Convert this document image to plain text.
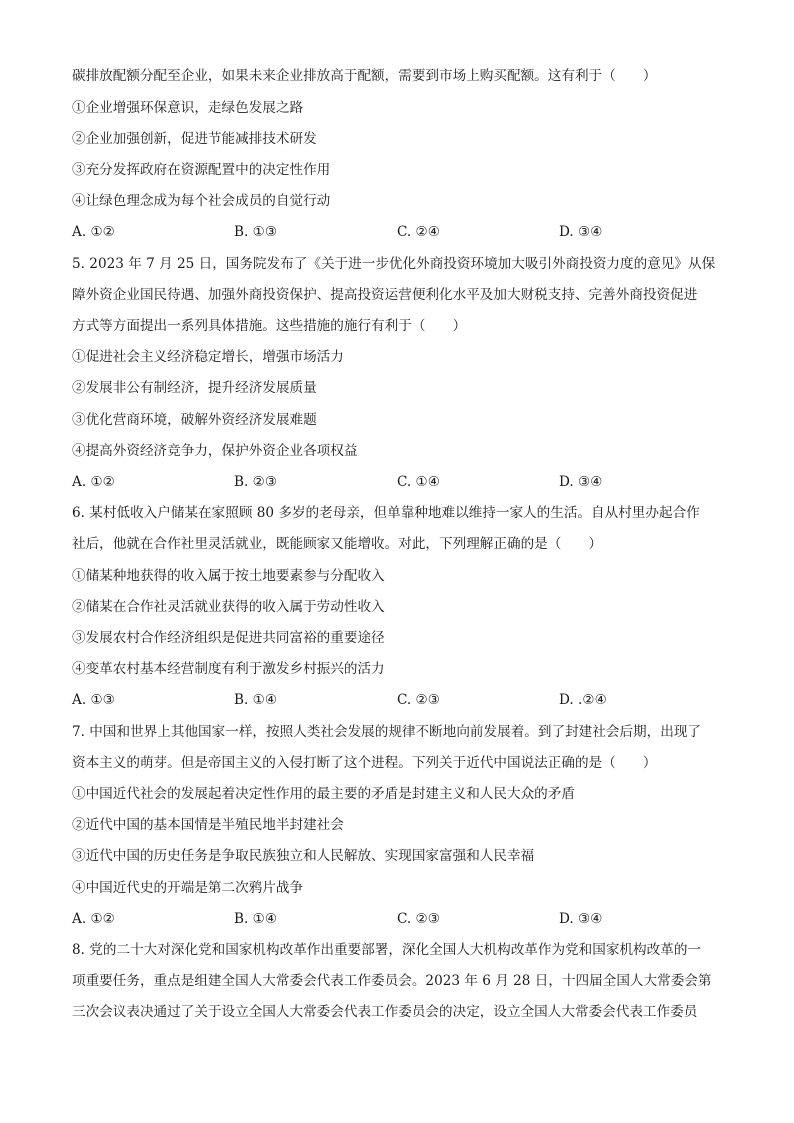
碳排放配额分配至企业，如果未来企业排放高于配额，需要到市场上购买配额。这有利于（　　）
①企业增强环保意识，走绿色发展之路
②企业加强创新，促进节能减排技术研发
③充分发挥政府在资源配置中的决定性作用
④让绿色理念成为每个社会成员的自觉行动
A. ①②	B. ①③	C. ②④	D. ③④
5. 2023 年 7 月 25 日，国务院发布了《关于进一步优化外商投资环境加大吸引外商投资力度的意见》从保
障外资企业国民待遇、加强外商投资保护、提高投资运营便利化水平及加大财税支持、完善外商投资促进
方式等方面提出一系列具体措施。这些措施的施行有利于（　　）
①促进社会主义经济稳定增长，增强市场活力
②发展非公有制经济，提升经济发展质量
③优化营商环境，破解外资经济发展难题
④提高外资经济竞争力，保护外资企业各项权益
A. ①②	B. ②③	C. ①④	D. ③④
6. 某村低收入户储某在家照顾 80 多岁的老母亲，但单靠种地难以维持一家人的生活。自从村里办起合作
社后，他就在合作社里灵活就业，既能顾家又能增收。对此，下列理解正确的是（　　）
①储某种地获得的收入属于按土地要素参与分配收入
②储某在合作社灵活就业获得的收入属于劳动性收入
③发展农村合作经济组织是促进共同富裕的重要途径
④变革农村基本经营制度有利于激发乡村振兴的活力
A. ①③	B. ①④	C. ②③	D. .②④
7. 中国和世界上其他国家一样，按照人类社会发展的规律不断地向前发展着。到了封建社会后期，出现了
资本主义的萌芽。但是帝国主义的入侵打断了这个进程。下列关于近代中国说法正确的是（　　）
①中国近代社会的发展起着决定性作用的最主要的矛盾是封建主义和人民大众的矛盾
②近代中国的基本国情是半殖民地半封建社会
③近代中国的历史任务是争取民族独立和人民解放、实现国家富强和人民幸福
④中国近代史的开端是第二次鸦片战争
A. ①②	B. ①④	C. ②③	D. ③④
8. 党的二十大对深化党和国家机构改革作出重要部署，深化全国人大机构改革作为党和国家机构改革的一
项重要任务，重点是组建全国人大常委会代表工作委员会。2023 年 6 月 28 日，十四届全国人大常委会第
三次会议表决通过了关于设立全国人大常委会代表工作委员会的决定，设立全国人大常委会代表工作委员
